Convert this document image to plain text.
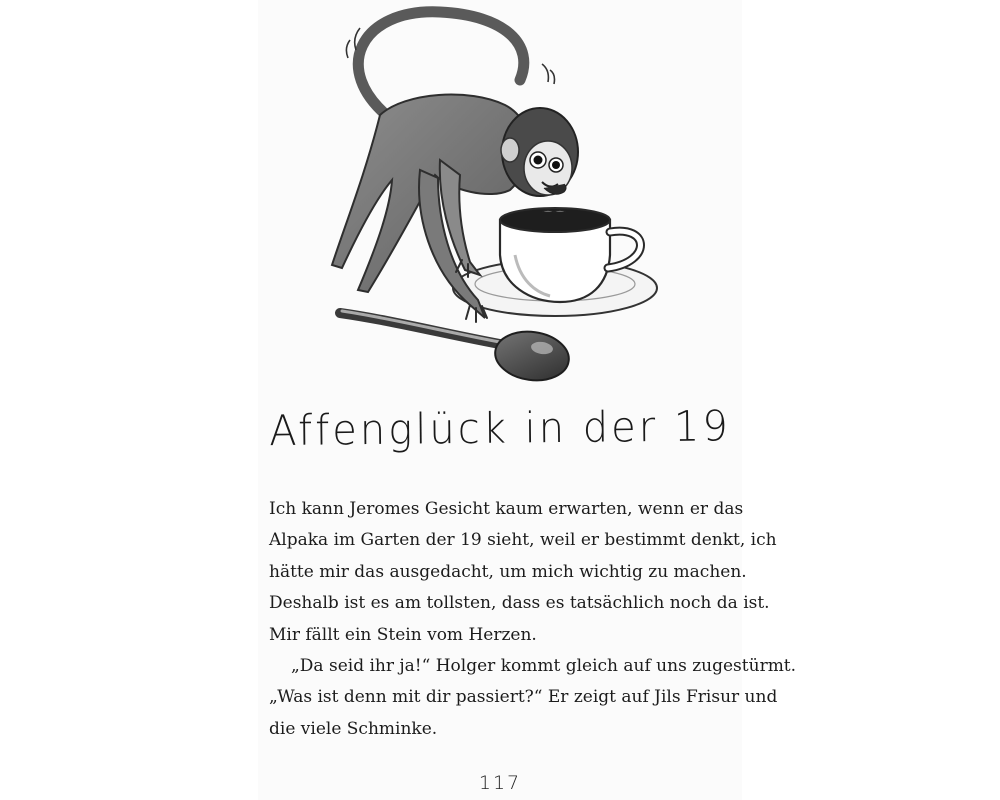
Affenglück in der 19
Ich kann Jeromes Gesicht kaum erwarten, wenn er das
Alpaka im Garten der 19 sieht, weil er bestimmt denkt, ich
hätte mir das ausgedacht, um mich wichtig zu machen.
Deshalb ist es am tollsten, dass es tatsächlich noch da ist.
Mir fällt ein Stein vom Herzen.
„Da seid ihr ja!“ Holger kommt gleich auf uns zugestürmt.
„Was ist denn mit dir passiert?“ Er zeigt auf Jils Frisur und
die viele Schminke.
117
